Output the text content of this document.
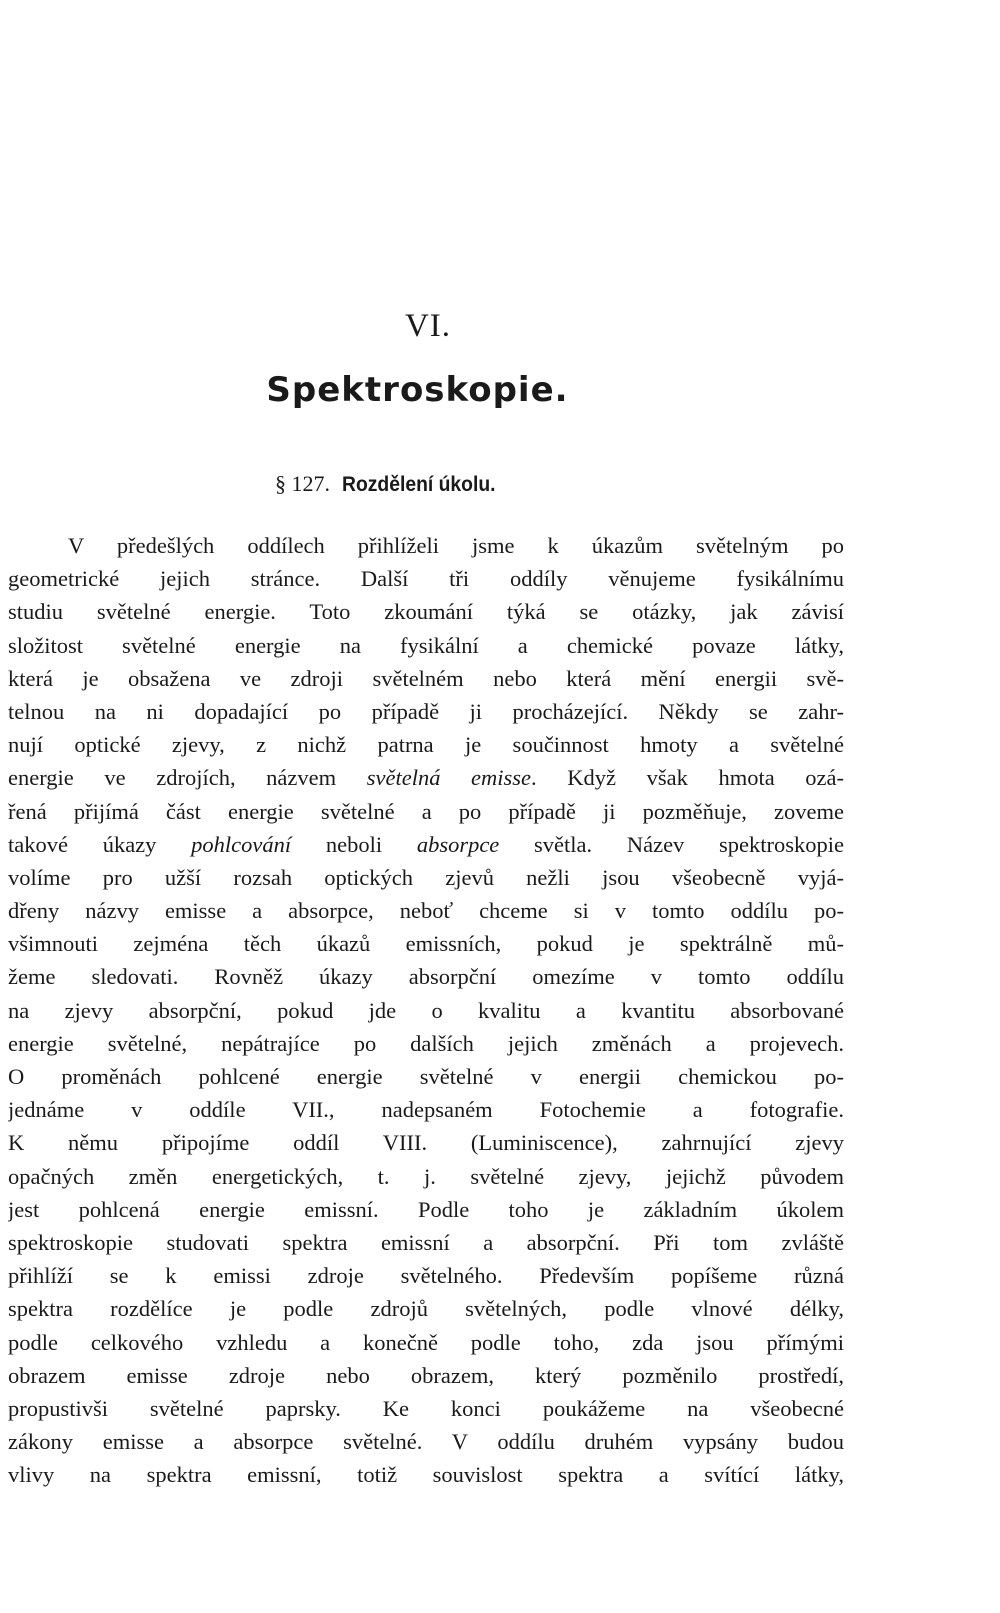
VI.
Spektroskopie.
§ 127. Rozdělení úkolu.
V předešlých oddílech přihlíželi jsme k úkazům světelným po
geometrické jejich stránce. Další tři oddíly věnujeme fysikálnímu
studiu světelné energie. Toto zkoumání týká se otázky, jak závisí
složitost světelné energie na fysikální a chemické povaze látky,
která je obsažena ve zdroji světelném nebo která mění energii svě-
telnou na ni dopadající po případě ji procházející. Někdy se zahr-
nují optické zjevy, z nichž patrna je součinnost hmoty a světelné
energie ve zdrojích, názvem světelná emisse. Když však hmota ozá-
řená přijímá část energie světelné a po případě ji pozměňuje, zoveme
takové úkazy pohlcování neboli absorpce světla. Název spektroskopie
volíme pro užší rozsah optických zjevů nežli jsou všeobecně vyjá-
dřeny názvy emisse a absorpce, neboť chceme si v tomto oddílu po-
všimnouti zejména těch úkazů emissních, pokud je spektrálně mů-
žeme sledovati. Rovněž úkazy absorpční omezíme v tomto oddílu
na zjevy absorpční, pokud jde o kvalitu a kvantitu absorbované
energie světelné, nepátrajíce po dalších jejich změnách a projevech.
O proměnách pohlcené energie světelné v energii chemickou po-
jednáme v oddíle VII., nadepsaném Fotochemie a fotografie.
K němu připojíme oddíl VIII. (Luminiscence), zahrnující zjevy
opačných změn energetických, t. j. světelné zjevy, jejichž původem
jest pohlcená energie emissní. Podle toho je základním úkolem
spektroskopie studovati spektra emissní a absorpční. Při tom zvláště
přihlíží se k emissi zdroje světelného. Především popíšeme různá
spektra rozdělíce je podle zdrojů světelných, podle vlnové délky,
podle celkového vzhledu a konečně podle toho, zda jsou přímými
obrazem emisse zdroje nebo obrazem, který pozměnilo prostředí,
propustivši světelné paprsky. Ke konci poukážeme na všeobecné
zákony emisse a absorpce světelné. V oddílu druhém vypsány budou
vlivy na spektra emissní, totiž souvislost spektra a svítící látky,
